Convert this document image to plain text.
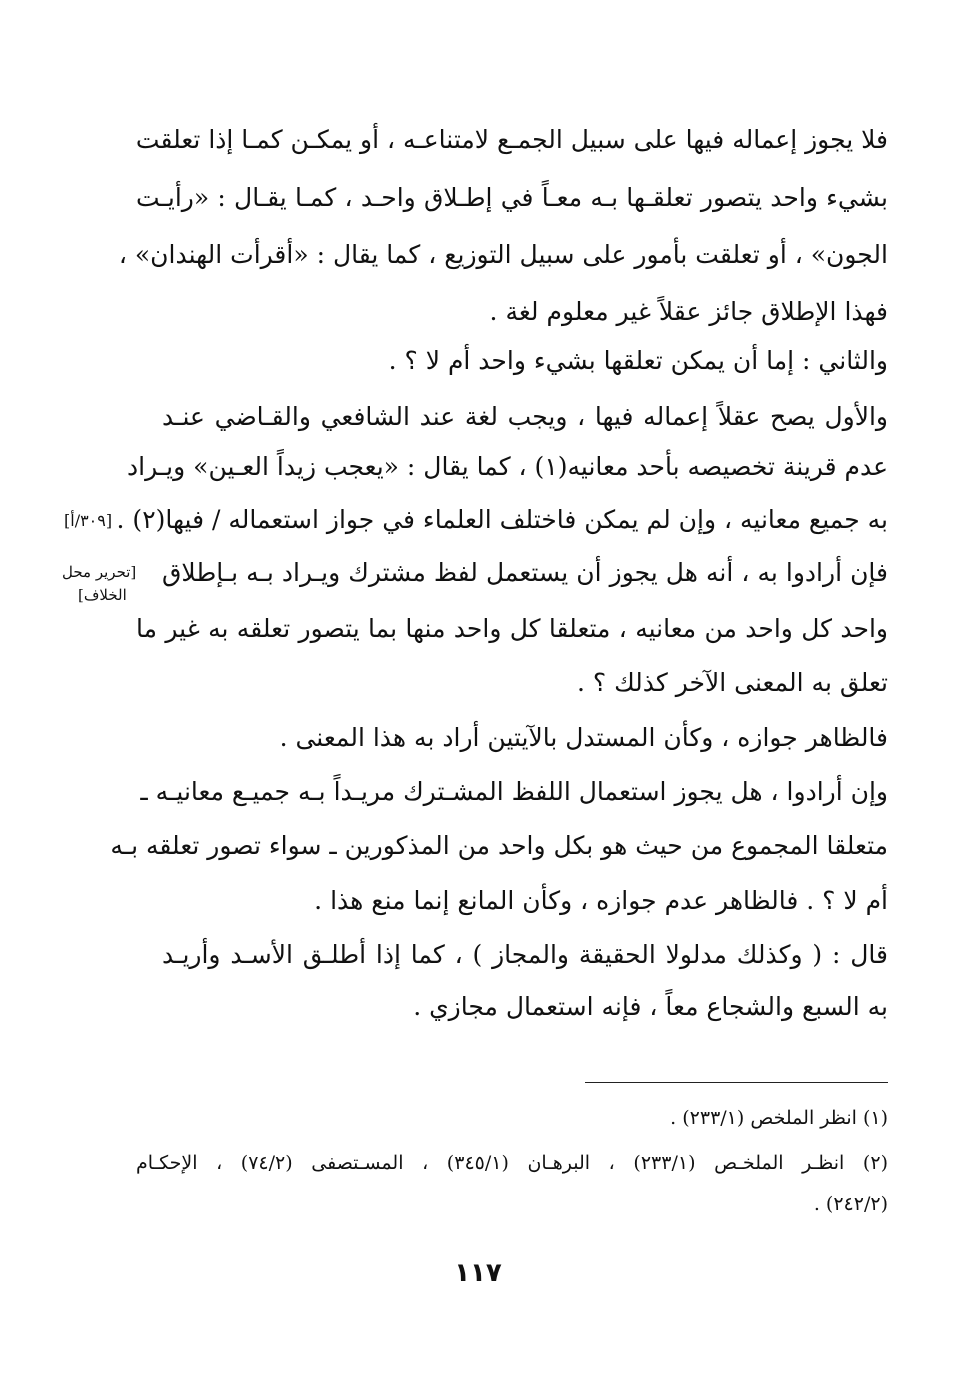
فلا يجوز إعماله فيها على سبيل الجمـع لامتناعـه ، أو يمكـن كمـا إذا تعلقت
بشيء واحد يتصور تعلقـها بـه معـاً في إطـلاق واحـد ، كمـا يقـال : «رأيـت
الجون» ، أو تعلقت بأمور على سبيل التوزيع ، كما يقال : «أقرأت الهندان» ،
فهذا الإطلاق جائز عقلاً غير معلوم لغة .
والثاني : إما أن يمكن تعلقها بشيء واحد أم لا ؟ .
والأول يصح عقلاً إعماله فيها ، ويجب لغة عند الشافعي والقـاضي عنـد
عدم قرينة تخصيصه بأحد معانيه(١) ، كما يقال : «يعجب زيداً العـين» ويـراد
به جميع معانيه ، وإن لم يمكن فاختلف العلماء في جواز استعماله / فيها(٢) .
فإن أرادوا به ، أنه هل يجوز أن يستعمل لفظ مشترك ويـراد بـه بـإطلاق
واحد كل واحد من معانيه ، متعلقا كل واحد منها بما يتصور تعلقه به غير ما
تعلق به المعنى الآخر كذلك ؟ .
فالظاهر جوازه ، وكأن المستدل بالآيتين أراد به هذا المعنى .
وإن أرادوا ، هل يجوز استعمال اللفظ المشـترك مريـداً بـه جميـع معانيـه ـ
متعلقا المجموع من حيث هو بكل واحد من المذكورين ـ سواء تصور تعلقه بـه
أم لا ؟ . فالظاهر عدم جوازه ، وكأن المانع إنما منع هذا .
قال : ( وكذلك مدلولا الحقيقة والمجاز ) ، كما إذا أطلـق الأسـد وأريـد
به السبع والشجاع معاً ، فإنه استعمال مجازي .
[٣٠٩/أ]
[تحرير محل
الخلاف]
(١) انظر الملخص (٢٣٣/١) .
(٢) انظـر الملخـص (٢٣٣/١) ، البرهـان (٣٤٥/١) ، المسـتصفى (٧٤/٢) ، الإحكـام
(٢٤٢/٢) .
١١٧
